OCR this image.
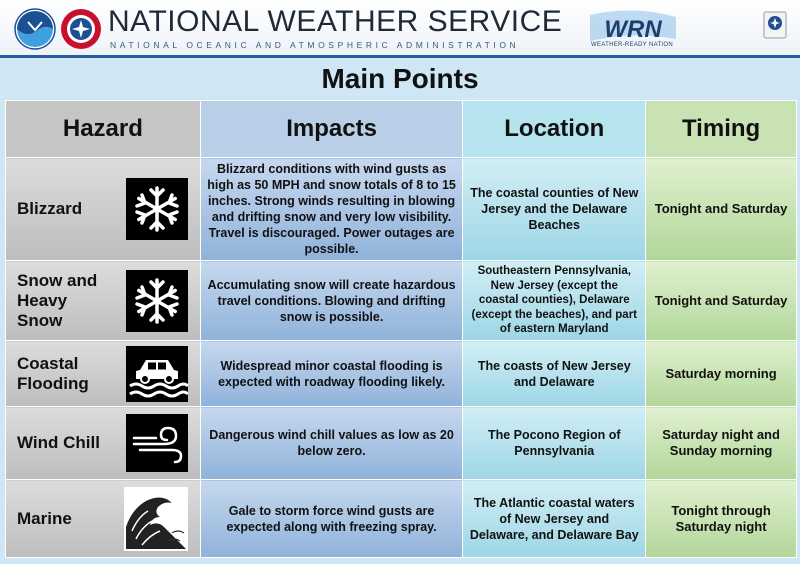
NATIONAL WEATHER SERVICE
NATIONAL OCEANIC AND ATMOSPHERIC ADMINISTRATION
WRN
WEATHER-READY NATION
Main Points
Hazard	Impacts	Location	Timing

Blizzard	Blizzard conditions with wind gusts as high as 50 MPH and snow totals of 8 to 15 inches. Strong winds resulting in blowing and drifting snow and very low visibility. Travel is discouraged. Power outages are possible.	The coastal counties of New Jersey and the Delaware Beaches	Tonight and Saturday

Snow and Heavy Snow	Accumulating snow will create hazardous travel conditions. Blowing and drifting snow is possible.	Southeastern Pennsylvania, New Jersey (except the coastal counties), Delaware (except the beaches), and part of eastern Maryland	Tonight and Saturday

Coastal Flooding	Widespread minor coastal flooding is expected with roadway flooding likely.	The coasts of New Jersey and Delaware	Saturday morning

Wind Chill	Dangerous wind chill values as low as 20 below zero.	The Pocono Region of Pennsylvania	Saturday night and Sunday morning

Marine	Gale to storm force wind gusts are expected along with freezing spray.	The Atlantic coastal waters of New Jersey and Delaware, and Delaware Bay	Tonight through Saturday night
